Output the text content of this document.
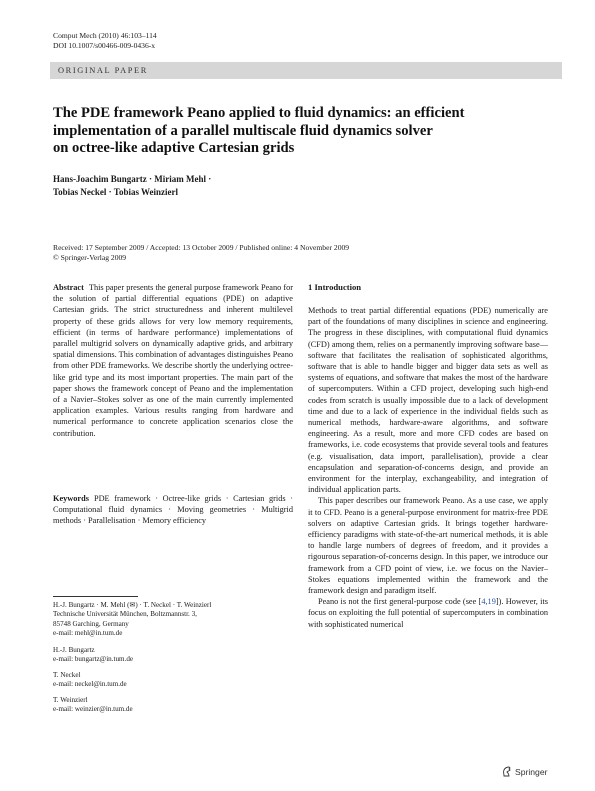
Comput Mech (2010) 46:103–114
DOI 10.1007/s00466-009-0436-x
ORIGINAL PAPER
The PDE framework Peano applied to fluid dynamics: an efficient
implementation of a parallel multiscale fluid dynamics solver
on octree-like adaptive Cartesian grids
Hans-Joachim Bungartz · Miriam Mehl ·
Tobias Neckel · Tobias Weinzierl
Received: 17 September 2009 / Accepted: 13 October 2009 / Published online: 4 November 2009
© Springer-Verlag 2009
Abstract This paper presents the general purpose framework Peano for the solution of partial differential equations (PDE) on adaptive Cartesian grids. The strict structuredness and inherent multilevel property of these grids allows for very low memory requirements, efficient (in terms of hardware performance) implementations of parallel multigrid solvers on dynamically adaptive grids, and arbitrary spatial dimensions. This combination of advantages distinguishes Peano from other PDE frameworks. We describe shortly the underlying octree-like grid type and its most important properties. The main part of the paper shows the framework concept of Peano and the implementation of a Navier–Stokes solver as one of the main currently implemented application examples. Various results ranging from hardware and numerical performance to concrete application scenarios close the contribution.
Keywords PDE framework · Octree-like grids · Cartesian grids · Computational fluid dynamics · Moving geometries · Multigrid methods · Parallelisation · Memory efficiency
H.-J. Bungartz · M. Mehl (✉) · T. Neckel · T. Weinzierl
Technische Universität München, Boltzmannstr. 3,
85748 Garching, Germany
e-mail: mehl@in.tum.de
H.-J. Bungartz
e-mail: bungartz@in.tum.de
T. Neckel
e-mail: neckel@in.tum.de
T. Weinzierl
e-mail: weinzier@in.tum.de
1 Introduction

Methods to treat partial differential equations (PDE) numerically are part of the foundations of many disciplines in science and engineering. The progress in these disciplines, with computational fluid dynamics (CFD) among them, relies on a permanently improving software base—software that facilitates the realisation of sophisticated algorithms, software that is able to handle bigger and bigger data sets as well as systems of equations, and software that makes the most of the hardware of supercomputers. Within a CFD project, developing such high-end codes from scratch is usually impossible due to a lack of development time and due to a lack of experience in the individual fields such as numerical methods, hardware-aware algorithms, and software engineering. As a result, more and more CFD codes are based on frameworks, i.e. code ecosystems that provide several tools and features (e.g. visualisation, data import, parallelisation), provide a clear encapsulation and separation-of-concerns design, and provide an environment for the interplay, exchangeability, and integration of individual application parts.

This paper describes our framework Peano. As a use case, we apply it to CFD. Peano is a general-purpose environment for matrix-free PDE solvers on adaptive Cartesian grids. It brings together hardware-efficiency paradigms with state-of-the-art numerical methods, it is able to handle large numbers of degrees of freedom, and it provides a rigourous separation-of-concerns design. In this paper, we introduce our framework from a CFD point of view, i.e. we focus on the Navier–Stokes equations implemented within the framework and the framework design and paradigm itself.

Peano is not the first general-purpose code (see [4,19]). However, its focus on exploiting the full potential of supercomputers in combination with sophisticated numerical

Springer
